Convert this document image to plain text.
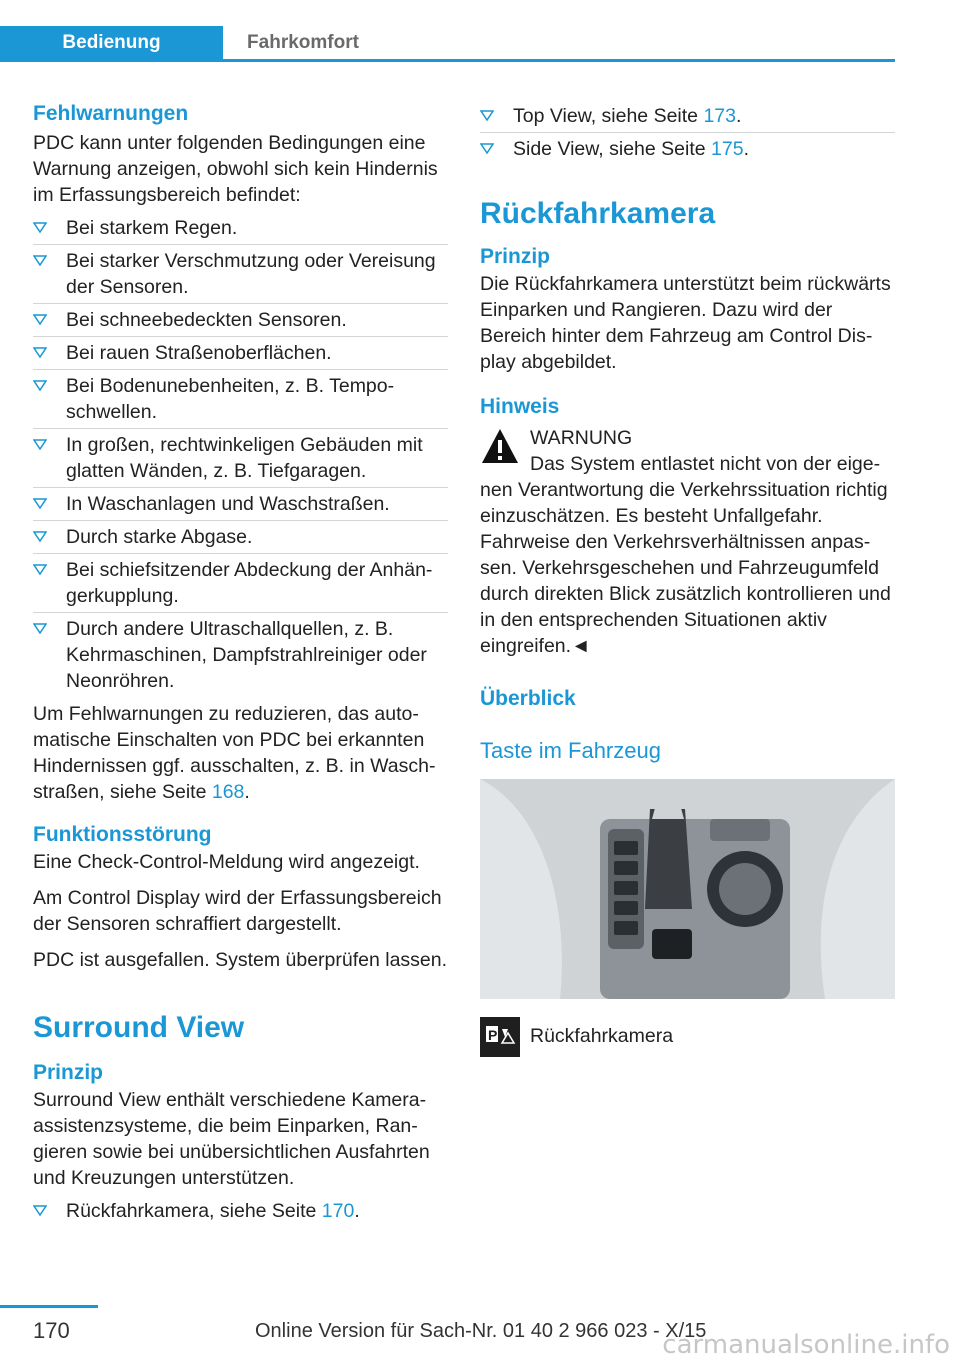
Bedienung	Fahrkomfort

Fehlwarnungen

PDC kann unter folgenden Bedingungen eine Warnung anzeigen, obwohl sich kein Hindernis im Erfassungsbereich befindet:

Bei starkem Regen.
Bei starker Verschmutzung oder Vereisung der Sensoren.
Bei schneebedeckten Sensoren.
Bei rauen Straßenoberflächen.
Bei Bodenunebenheiten, z. B. Temposchwellen.
In großen, rechtwinkeligen Gebäuden mit glatten Wänden, z. B. Tiefgaragen.
In Waschanlagen und Waschstraßen.
Durch starke Abgase.
Bei schiefsitzender Abdeckung der Anhängerkupplung.
Durch andere Ultraschallquellen, z. B. Kehrmaschinen, Dampfstrahlreiniger oder Neonröhren.

Um Fehlwarnungen zu reduzieren, das automatische Einschalten von PDC bei erkannten Hindernissen ggf. ausschalten, z. B. in Waschstraßen, siehe Seite 168.

Funktionsstörung

Eine Check-Control-Meldung wird angezeigt.

Am Control Display wird der Erfassungsbereich der Sensoren schraffiert dargestellt.

PDC ist ausgefallen. System überprüfen lassen.

Surround View

Prinzip

Surround View enthält verschiedene Kameraassistenzsysteme, die beim Einparken, Rangieren sowie bei unübersichtlichen Ausfahrten und Kreuzungen unterstützen.

Rückfahrkamera, siehe Seite 170.
Top View, siehe Seite 173.
Side View, siehe Seite 175.

Rückfahrkamera

Prinzip

Die Rückfahrkamera unterstützt beim rückwärts Einparken und Rangieren. Dazu wird der Bereich hinter dem Fahrzeug am Control Display abgebildet.

Hinweis

WARNUNG

Das System entlastet nicht von der eigenen Verantwortung die Verkehrssituation richtig einzuschätzen. Es besteht Unfallgefahr. Fahrweise den Verkehrsverhältnissen anpassen. Verkehrsgeschehen und Fahrzeugumfeld durch direkten Blick zusätzlich kontrollieren und in den entsprechenden Situationen aktiv eingreifen.◄

Überblick

Taste im Fahrzeug

P Rückfahrkamera

170	Online Version für Sach-Nr. 01 40 2 966 023 - X/15
carmanualsonline.info
